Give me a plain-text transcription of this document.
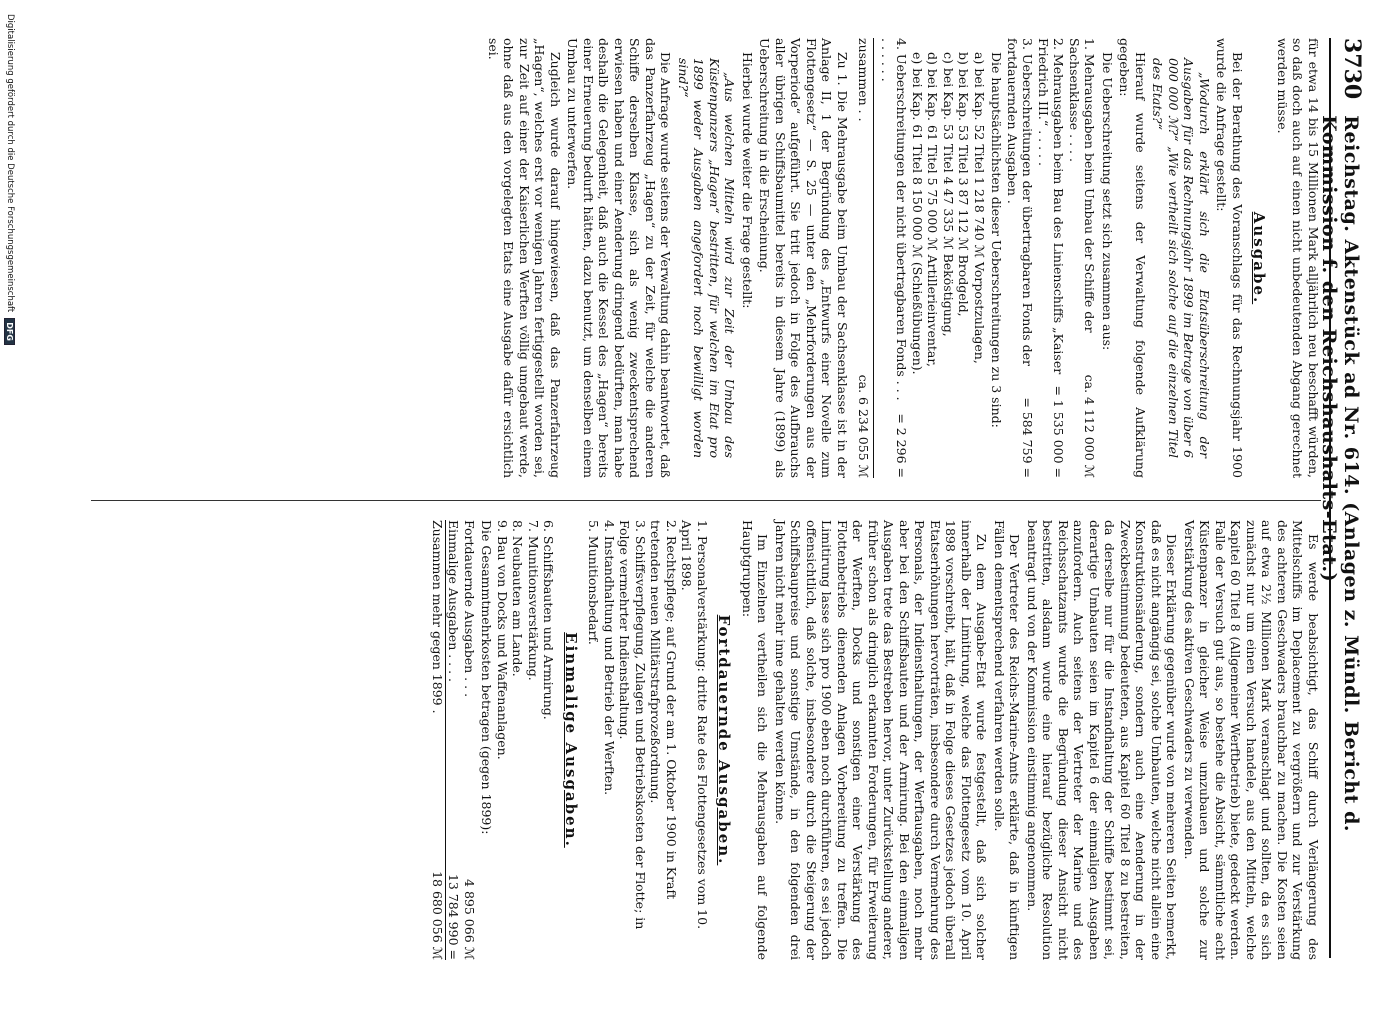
3730
Reichstag. Aktenstück ad Nr. 614. (Anlagen z. Mündl. Bericht d. Kommission f. den Reichshaushalts-Etat.)

für etwa 14 bis 15 Millionen Mark alljährlich neu beschafft würden, so daß doch auch auf einen nicht unbedeutenden Abgang gerechnet werden müsse.

Ausgabe.

Bei der Berathung des Voranschlags für das Rechnungsjahr 1900 wurde die Anfrage gestellt:

„Wodurch erklärt sich die Etatsüberschreitung der Ausgaben für das Rechnungsjahr 1899 im Betrage von über 6 000 000 ℳ?“ „Wie vertheilt sich solche auf die einzelnen Titel des Etats?“

Hierauf wurde seitens der Verwaltung folgende Aufklärung gegeben:

Die Ueberschreitung setzt sich zusammen aus:

1. Mehrausgaben beim Umbau der Schiffe der Sachsenklasse . . . .
ca. 4 112 000 ℳ
2. Mehrausgaben beim Bau des Linienschiffs „Kaiser Friedrich III.“ . . . . .
= 1 535 000 =
3. Ueberschreitungen der übertragbaren Fonds der fortdauernden Ausgaben .
= 584 759 =

Die hauptsächlichsten dieser Ueberschreitungen zu 3 sind:

a) bei Kap. 52 Titel 1 218 740 ℳ Vorpostzulagen,
b) bei Kap. 53 Titel 3 87 112 ℳ Brodgeld,
c) bei Kap. 53 Titel 4 47 335 ℳ Beköstigung,
d) bei Kap. 61 Titel 5 75 000 ℳ Artillerieinventar,
e) bei Kap. 61 Titel 8 150 000 ℳ (Schießübungen).
4. Ueberschreitungen der nicht übertragbaren Fonds . . . . . . . . .
= 2 296 =
zusammen . .
ca. 6 234 055 ℳ

Zu 1. Die Mehrausgabe beim Umbau der Sachsenklasse ist in der Anlage II, 1 der Begründung des „Entwurfs einer Novelle zum Flottengesetz“ — S. 25 — unter den „Mehrforderungen aus der Vorperiode“ aufgeführt. Sie tritt jedoch in Folge des Aufbrauchs aller übrigen Schiffsbaumittel bereits in diesem Jahre (1899) als Ueberschreitung in die Erscheinung.

Hierbei wurde weiter die Frage gestellt:

„Aus welchen Mitteln wird zur Zeit der Umbau des Küstenpanzers „Hagen“ bestritten, für welchen im Etat pro 1899 weder Ausgaben angefordert noch bewilligt worden sind?“

Die Anfrage wurde seitens der Verwaltung dahin beantwortet, daß das Panzerfahrzeug „Hagen“ zu der Zeit, für welche die anderen Schiffe derselben Klasse, sich als wenig zweckentsprechend erwiesen haben und einer Aenderung dringend bedürften, man habe deshalb die Gelegenheit, daß auch die Kessel des „Hagen“ bereits einer Erneuerung bedurft hätten, dazu benutzt, um denselben einem Umbau zu unterwerfen.

Zugleich wurde darauf hingewiesen, daß das Panzerfahrzeug „Hagen“, welches erst vor wenigen Jahren fertiggestellt worden sei, zur Zeit auf einer der Kaiserlichen Werften völlig umgebaut werde, ohne daß aus den vorgelegten Etats eine Ausgabe dafür ersichtlich sei.

Es werde beabsichtigt, das Schiff durch Verlängerung des Mittelschiffs im Deplacement zu vergrößern und zur Verstärkung des achteren Geschwaders brauchbar zu machen. Die Kosten seien auf etwa 2½ Millionen Mark veranschlagt und sollten, da es sich zunächst nur um einen Versuch handele, aus den Mitteln, welche Kapitel 60 Titel 8 (Allgemeiner Werftbetrieb) biete, gedeckt werden. Falle der Versuch gut aus, so bestehe die Absicht, sämmtliche acht Küstenpanzer in gleicher Weise umzubauen und solche zur Verstärkung des aktiven Geschwaders zu verwenden.

Dieser Erklärung gegenüber wurde von mehreren Seiten bemerkt, daß es nicht angängig sei, solche Umbauten, welche nicht allein eine Konstruktionsänderung, sondern auch eine Aenderung in der Zweckbestimmung bedeuteten, aus Kapitel 60 Titel 8 zu bestreiten, da derselbe nur für die Instandhaltung der Schiffe bestimmt sei, derartige Umbauten seien im Kapitel 6 der einmaligen Ausgaben anzufordern. Auch seitens der Vertreter der Marine und des Reichsschatzamts wurde die Begründung dieser Ansicht nicht bestritten, alsdann wurde eine hierauf bezügliche Resolution beantragt und von der Kommission einstimmig angenommen.

Der Vertreter des Reichs-Marine-Amts erklärte, daß in künftigen Fällen dementsprechend verfahren werden solle.

Zu dem Ausgabe-Etat wurde festgestellt, daß sich solcher innerhalb der Limitirung, welche das Flottengesetz vom 10. April 1898 vorschreibt, hält, daß in Folge dieses Gesetzes jedoch überall Etatserhöhungen hervorträten, insbesondere durch Vermehrung des Personals, der Indiensthaltungen, der Werftausgaben, noch mehr aber bei den Schiffsbauten und der Armirung. Bei den einmaligen Ausgaben trete das Bestreben hervor, unter Zurückstellung anderer, früher schon als dringlich erkannten Forderungen, für Erweiterung der Werften, Docks und sonstigen einer Verstärkung des Flottenbetriebs dienenden Anlagen Vorbereitung zu treffen. Die Limitirung lasse sich pro 1900 eben noch durchführen, es sei jedoch offensichtlich, daß solche, insbesondere durch die Steigerung der Schiffsbaupreise und sonstige Umstände, in den folgenden drei Jahren nicht mehr inne gehalten werden könne.

Im Einzelnen vertheilen sich die Mehrausgaben auf folgende Hauptgruppen:

Fortdauernde Ausgaben.
1. Personalverstärkung: dritte Rate des Flottengesetzes vom 10. April 1898.
2. Rechtspflege; auf Grund der am 1. Oktober 1900 in Kraft tretenden neuen Militärstrafprozeßordnung.
3. Schiffsverpflegung, Zulagen und Betriebskosten der Flotte; in Folge vermehrter Indiensthaltung.
4. Instandhaltung und Betrieb der Werften.
5. Munitionsbedarf.
Einmalige Ausgaben.
6. Schiffsbauten und Armirung.
7. Munitionsverstärkung.
8. Neubauten am Lande.
9. Bau von Docks und Waffenanlagen.

Die Gesammtmehrkosten betragen (gegen 1899):

Fortdauernde Ausgaben . . .
4 895 066 ℳ
Einmalige Ausgaben . . . .
13 784 990 =
Zusammen mehr gegen 1899 .
18 680 056 ℳ
Digitalisierung gefördert durch die Deutsche Forschungsgemeinschaft
DFG
